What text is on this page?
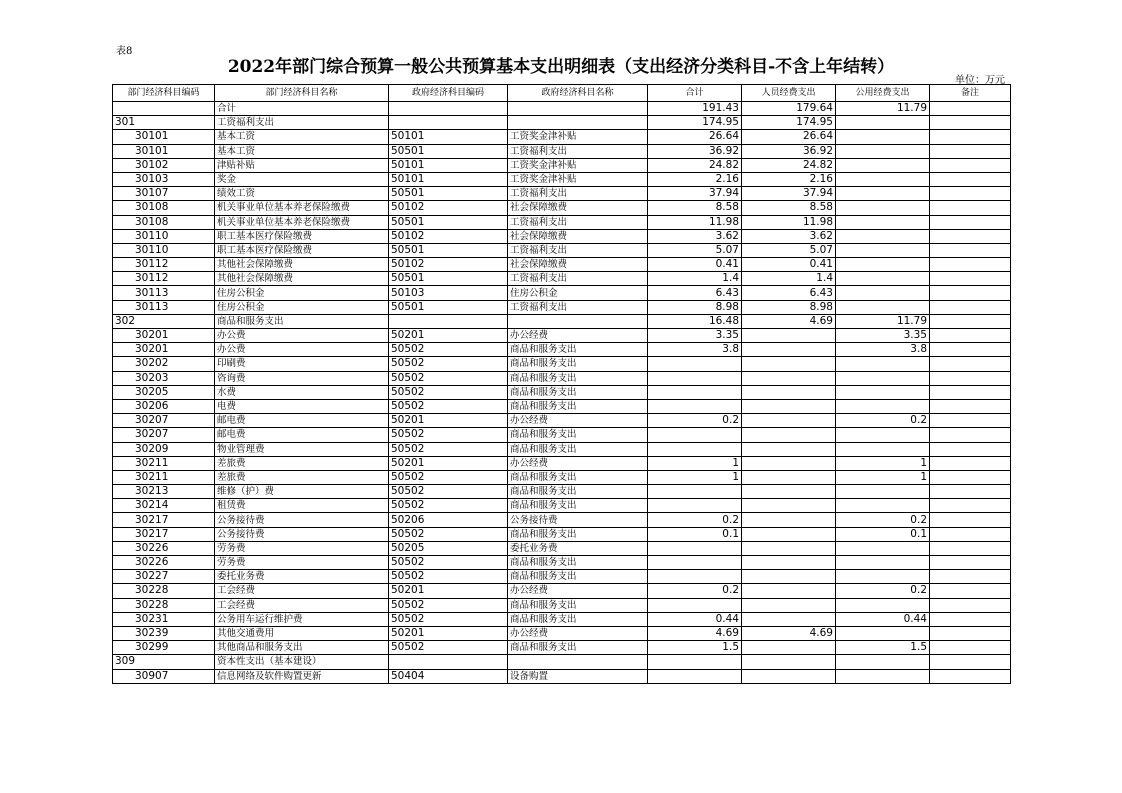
表8
2022年部门综合预算一般公共预算基本支出明细表（支出经济分类科目-不含上年结转）
单位：万元
部门经济科目编码	部门经济科目名称	政府经济科目编码	政府经济科目名称	合计	人员经费支出	公用经费支出	备注
	合计			191.43	179.64	11.79	
301	工资福利支出			174.95	174.95		
30101	基本工资	50101	工资奖金津补贴	26.64	26.64		
30101	基本工资	50501	工资福利支出	36.92	36.92		
30102	津贴补贴	50101	工资奖金津补贴	24.82	24.82		
30103	奖金	50101	工资奖金津补贴	2.16	2.16		
30107	绩效工资	50501	工资福利支出	37.94	37.94		
30108	机关事业单位基本养老保险缴费	50102	社会保障缴费	8.58	8.58		
30108	机关事业单位基本养老保险缴费	50501	工资福利支出	11.98	11.98		
30110	职工基本医疗保险缴费	50102	社会保障缴费	3.62	3.62		
30110	职工基本医疗保险缴费	50501	工资福利支出	5.07	5.07		
30112	其他社会保障缴费	50102	社会保障缴费	0.41	0.41		
30112	其他社会保障缴费	50501	工资福利支出	1.4	1.4		
30113	住房公积金	50103	住房公积金	6.43	6.43		
30113	住房公积金	50501	工资福利支出	8.98	8.98		
302	商品和服务支出			16.48	4.69	11.79	
30201	办公费	50201	办公经费	3.35		3.35	
30201	办公费	50502	商品和服务支出	3.8		3.8	
30202	印刷费	50502	商品和服务支出				
30203	咨询费	50502	商品和服务支出				
30205	水费	50502	商品和服务支出				
30206	电费	50502	商品和服务支出				
30207	邮电费	50201	办公经费	0.2		0.2	
30207	邮电费	50502	商品和服务支出				
30209	物业管理费	50502	商品和服务支出				
30211	差旅费	50201	办公经费	1		1	
30211	差旅费	50502	商品和服务支出	1		1	
30213	维修（护）费	50502	商品和服务支出				
30214	租赁费	50502	商品和服务支出				
30217	公务接待费	50206	公务接待费	0.2		0.2	
30217	公务接待费	50502	商品和服务支出	0.1		0.1	
30226	劳务费	50205	委托业务费				
30226	劳务费	50502	商品和服务支出				
30227	委托业务费	50502	商品和服务支出				
30228	工会经费	50201	办公经费	0.2		0.2	
30228	工会经费	50502	商品和服务支出				
30231	公务用车运行维护费	50502	商品和服务支出	0.44		0.44	
30239	其他交通费用	50201	办公经费	4.69	4.69		
30299	其他商品和服务支出	50502	商品和服务支出	1.5		1.5	
309	资本性支出（基本建设）						
30907	信息网络及软件购置更新	50404	设备购置				
